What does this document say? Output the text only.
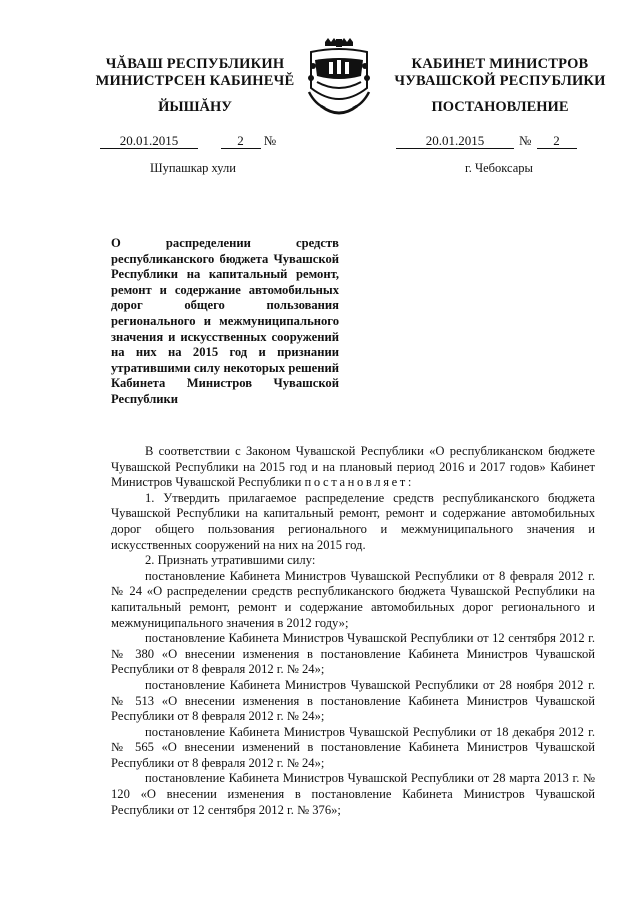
ЧĂВАШ РЕСПУБЛИКИН
МИНИСТРСЕН КАБИНЕЧĔ
ЙЫШĂНУ
20.01.2015	2 №
Шупашкар хули
КАБИНЕТ МИНИСТРОВ
ЧУВАШСКОЙ РЕСПУБЛИКИ
ПОСТАНОВЛЕНИЕ
20.01.2015	№ 2
г. Чебоксары
О распределении средств республиканского бюджета Чувашской Республики на капитальный ремонт, ремонт и содержание автомобильных дорог общего пользования регионального и межмуниципального значения и искусственных сооружений на них на 2015 год и признании утратившими силу некоторых решений Кабинета Министров Чувашской Республики

В соответствии с Законом Чувашской Республики «О республиканском бюджете Чувашской Республики на 2015 год и на плановый период 2016 и 2017 годов» Кабинет Министров Чувашской Республики постановляет:

1. Утвердить прилагаемое распределение средств республиканского бюджета Чувашской Республики на капитальный ремонт, ремонт и содержание автомобильных дорог общего пользования регионального и межмуниципального значения и искусственных сооружений на них на 2015 год.

2. Признать утратившими силу:

постановление Кабинета Министров Чувашской Республики от 8 февраля 2012 г. № 24 «О распределении средств республиканского бюджета Чувашской Республики на капитальный ремонт, ремонт и содержание автомобильных дорог регионального и межмуниципального значения в 2012 году»;

постановление Кабинета Министров Чувашской Республики от 12 сентября 2012 г. № 380 «О внесении изменения в постановление Кабинета Министров Чувашской Республики от 8 февраля 2012 г. № 24»;

постановление Кабинета Министров Чувашской Республики от 28 ноября 2012 г. № 513 «О внесении изменения в постановление Кабинета Министров Чувашской Республики от 8 февраля 2012 г. № 24»;

постановление Кабинета Министров Чувашской Республики от 18 декабря 2012 г. № 565 «О внесении изменений в постановление Кабинета Министров Чувашской Республики от 8 февраля 2012 г. № 24»;

постановление Кабинета Министров Чувашской Республики от 28 марта 2013 г. № 120 «О внесении изменения в постановление Кабинета Министров Чувашской Республики от 12 сентября 2012 г. № 376»;
